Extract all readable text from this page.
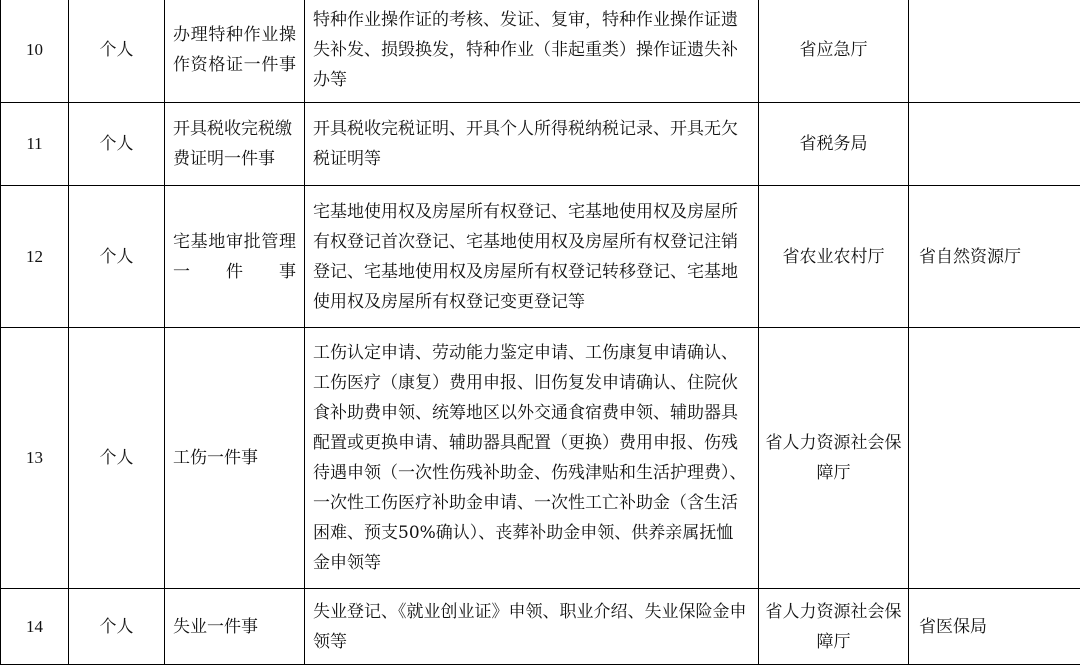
10	个人	办理特种作业操作资格证一件事	特种作业操作证的考核、发证、复审，特种作业操作证遗失补发、损毁换发，特种作业（非起重类）操作证遗失补办等	省应急厅	
11	个人	开具税收完税缴费证明一件事	开具税收完税证明、开具个人所得税纳税记录、开具无欠税证明等	省税务局	
12	个人	宅基地审批管理一件事	宅基地使用权及房屋所有权登记、宅基地使用权及房屋所有权登记首次登记、宅基地使用权及房屋所有权登记注销登记、宅基地使用权及房屋所有权登记转移登记、宅基地使用权及房屋所有权登记变更登记等	省农业农村厅	省自然资源厅
13	个人	工伤一件事	工伤认定申请、劳动能力鉴定申请、工伤康复申请确认、工伤医疗（康复）费用申报、旧伤复发申请确认、住院伙食补助费申领、统筹地区以外交通食宿费申领、辅助器具配置或更换申请、辅助器具配置（更换）费用申报、伤残待遇申领（一次性伤残补助金、伤残津贴和生活护理费）、一次性工伤医疗补助金申请、一次性工亡补助金（含生活困难、预支50%确认）、丧葬补助金申领、供养亲属抚恤金申领等	省人力资源社会保障厅	
14	个人	失业一件事	失业登记、《就业创业证》申领、职业介绍、失业保险金申领等	省人力资源社会保障厅	省医保局
